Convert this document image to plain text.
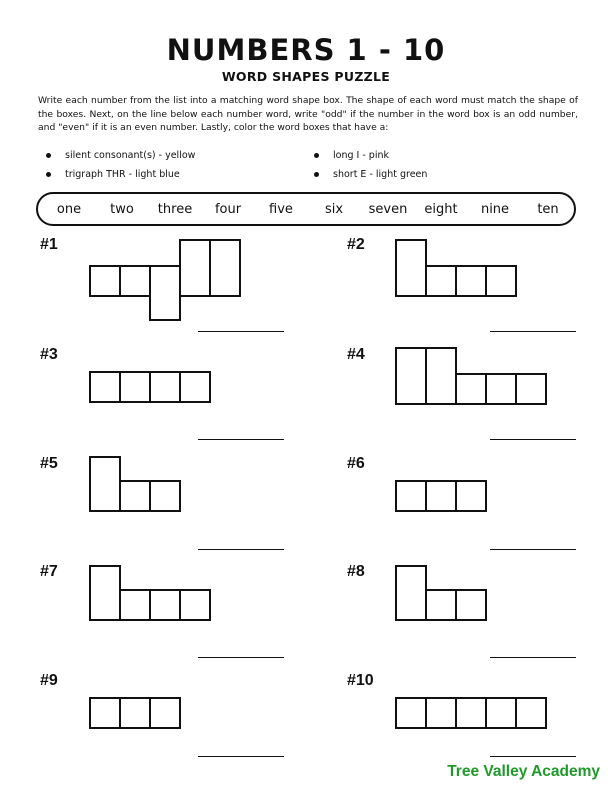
NUMBERS 1 - 10
WORD SHAPES PUZZLE
Write each number from the list into a matching word shape box. The shape of each word must match the shape of the boxes. Next, on the line below each number word, write "odd" if the number in the word box is an odd number, and "even" if it is an even number. Lastly, color the word boxes that have a:
silent consonant(s) - yellow
trigraph THR - light blue
long I - pink
short E - light green
one two three four five six seven eight nine ten
#1	#2
#3	#4
#5	#6
#7	#8
#9	#10
Tree Valley Academy
